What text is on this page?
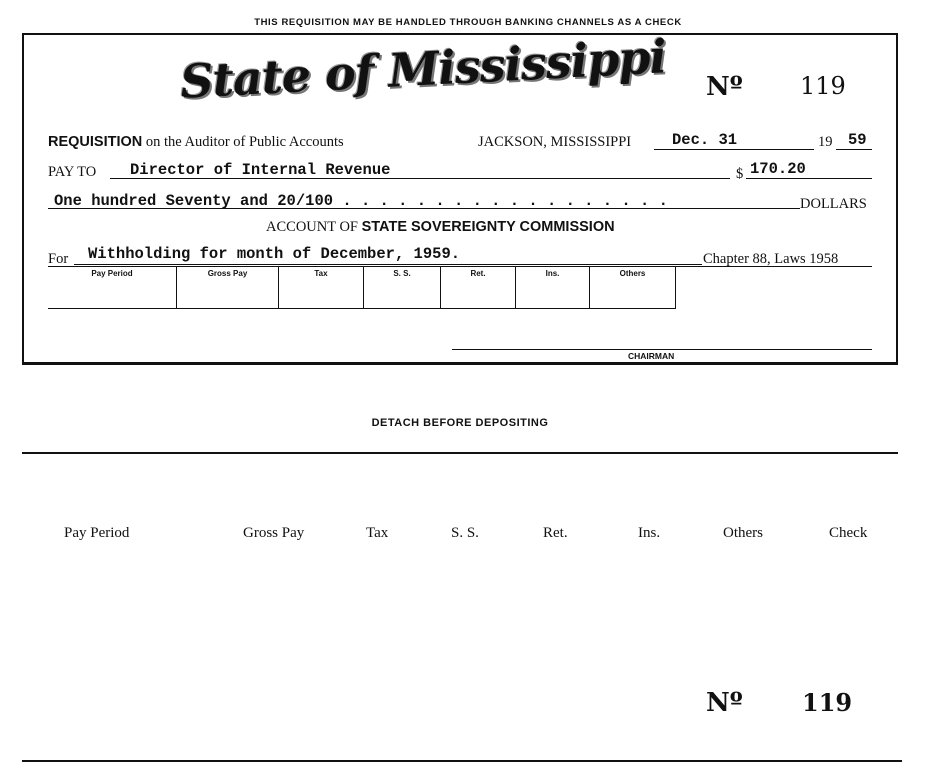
THIS REQUISITION MAY BE HANDLED THROUGH BANKING CHANNELS AS A CHECK
State of Mississippi Nº 119
REQUISITION on the Auditor of Public Accounts	JACKSON, MISSISSIPPI	Dec. 31	19 59
PAY TO Director of Internal Revenue	$ 170.20
One hundred Seventy and 20/100 . . . . . . . . . . . . . . . . . .	DOLLARS
ACCOUNT OF STATE SOVEREIGNTY COMMISSION
For Withholding for month of December, 1959.	Chapter 88, Laws 1958
Pay Period	Gross Pay	Tax	S. S.	Ret.	Ins.	Others
CHAIRMAN
DETACH BEFORE DEPOSITING
Pay Period	Gross Pay	Tax	S. S.	Ret.	Ins.	Others	Check
Nº 119
